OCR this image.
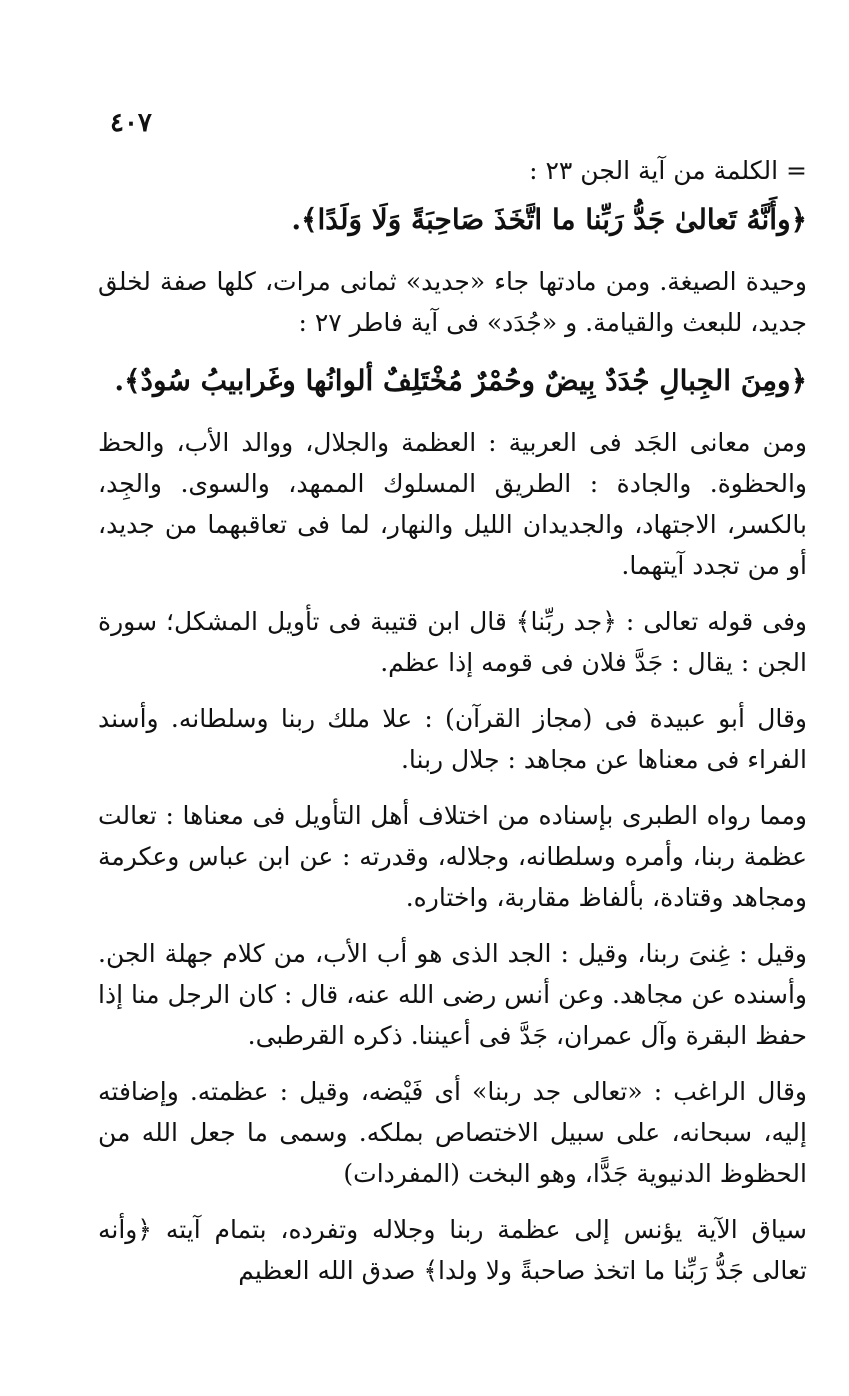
٤٠٧

= الكلمة من آية الجن ٢٣ :

﴿وأَنَّهُ تَعالىٰ جَدُّ رَبِّنا ما اتَّخَذَ صَاحِبَةً وَلَا وَلَدًا﴾.

وحيدة الصيغة. ومن مادتها جاء «جديد» ثمانى مرات، كلها صفة لخلق جديد، للبعث والقيامة. و «جُدَد» فى آية فاطر ٢٧ :

﴿ومِنَ الجِبالِ جُدَدٌ بِيضٌ وحُمْرٌ مُخْتَلِفٌ ألوانُها وغَرابيبُ سُودٌ﴾.

ومن معانى الجَد فى العربية : العظمة والجلال، ووالد الأب، والحظ والحظوة. والجادة : الطريق المسلوك الممهد، والسوى. والجِد، بالكسر، الاجتهاد، والجديدان الليل والنهار، لما فى تعاقبهما من جديد، أو من تجدد آيتهما.

وفى قوله تعالى : ﴿جد ربِّنا﴾ قال ابن قتيبة فى تأويل المشكل؛ سورة الجن : يقال : جَدَّ فلان فى قومه إذا عظم.

وقال أبو عبيدة فى (مجاز القرآن) : علا ملك ربنا وسلطانه. وأسند الفراء فى معناها عن مجاهد : جلال ربنا.

ومما رواه الطبرى بإسناده من اختلاف أهل التأويل فى معناها : تعالت عظمة ربنا، وأمره وسلطانه، وجلاله، وقدرته : عن ابن عباس وعكرمة ومجاهد وقتادة، بألفاظ مقاربة، واختاره.

وقيل : غِنىَ ربنا، وقيل : الجد الذى هو أب الأب، من كلام جهلة الجن. وأسنده عن مجاهد. وعن أنس رضى الله عنه، قال : كان الرجل منا إذا حفظ البقرة وآل عمران، جَدَّ فى أعيننا. ذكره القرطبى.

وقال الراغب : «تعالى جد ربنا» أى فَيْضه، وقيل : عظمته. وإضافته إليه، سبحانه، على سبيل الاختصاص بملكه. وسمى ما جعل الله من الحظوظ الدنيوية جَدًّا، وهو البخت (المفردات)

سياق الآية يؤنس إلى عظمة ربنا وجلاله وتفرده، بتمام آيته ﴿وأنه تعالى جَدُّ رَبِّنا ما اتخذ صاحبةً ولا ولدا﴾ صدق الله العظيم
